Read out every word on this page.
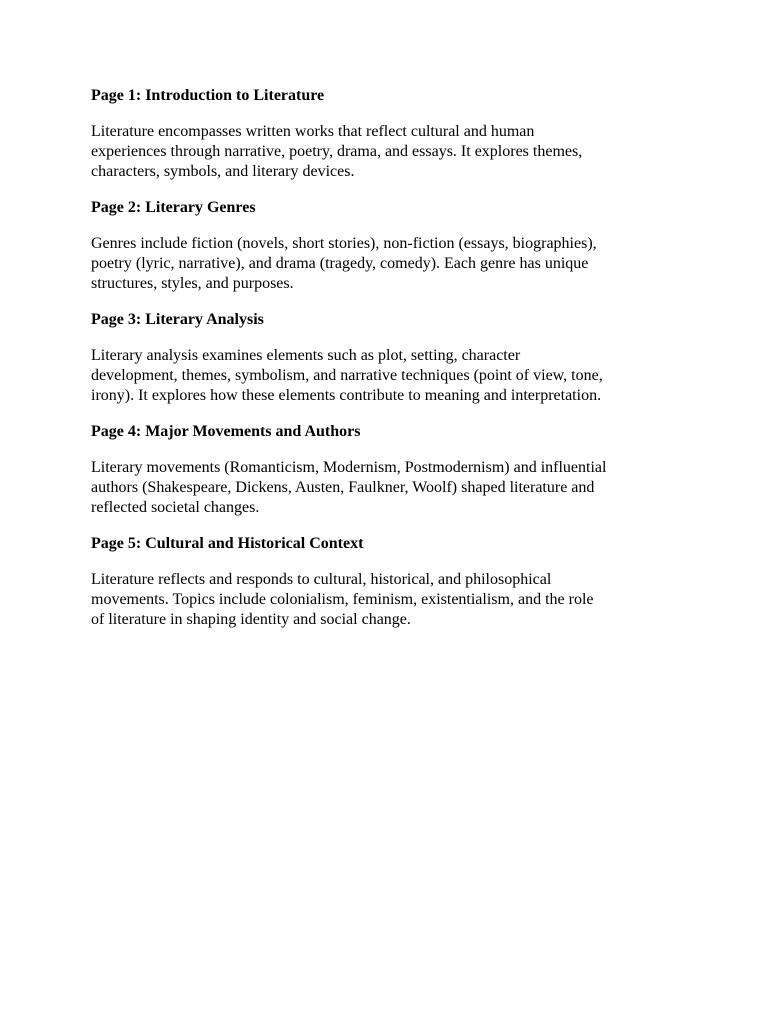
Page 1: Introduction to Literature

Literature encompasses written works that reflect cultural and human
experiences through narrative, poetry, drama, and essays. It explores themes,
characters, symbols, and literary devices.

Page 2: Literary Genres

Genres include fiction (novels, short stories), non-fiction (essays, biographies),
poetry (lyric, narrative), and drama (tragedy, comedy). Each genre has unique
structures, styles, and purposes.

Page 3: Literary Analysis

Literary analysis examines elements such as plot, setting, character
development, themes, symbolism, and narrative techniques (point of view, tone,
irony). It explores how these elements contribute to meaning and interpretation.

Page 4: Major Movements and Authors

Literary movements (Romanticism, Modernism, Postmodernism) and influential
authors (Shakespeare, Dickens, Austen, Faulkner, Woolf) shaped literature and
reflected societal changes.

Page 5: Cultural and Historical Context

Literature reflects and responds to cultural, historical, and philosophical
movements. Topics include colonialism, feminism, existentialism, and the role
of literature in shaping identity and social change.
